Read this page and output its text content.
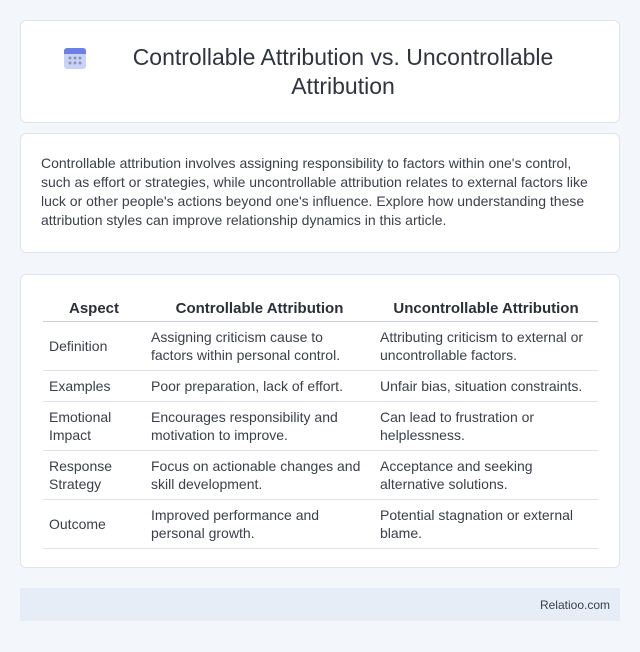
Controllable Attribution vs. Uncontrollable Attribution

Controllable attribution involves assigning responsibility to factors within one's control, such as effort or strategies, while uncontrollable attribution relates to external factors like luck or other people's actions beyond one's influence. Explore how understanding these attribution styles can improve relationship dynamics in this article.

Aspect	Controllable Attribution	Uncontrollable Attribution
Definition	Assigning criticism cause to factors within personal control.	Attributing criticism to external or uncontrollable factors.
Examples	Poor preparation, lack of effort.	Unfair bias, situation constraints.
Emotional Impact	Encourages responsibility and motivation to improve.	Can lead to frustration or helplessness.
Response Strategy	Focus on actionable changes and skill development.	Acceptance and seeking alternative solutions.
Outcome	Improved performance and personal growth.	Potential stagnation or external blame.
Relatioo.com
